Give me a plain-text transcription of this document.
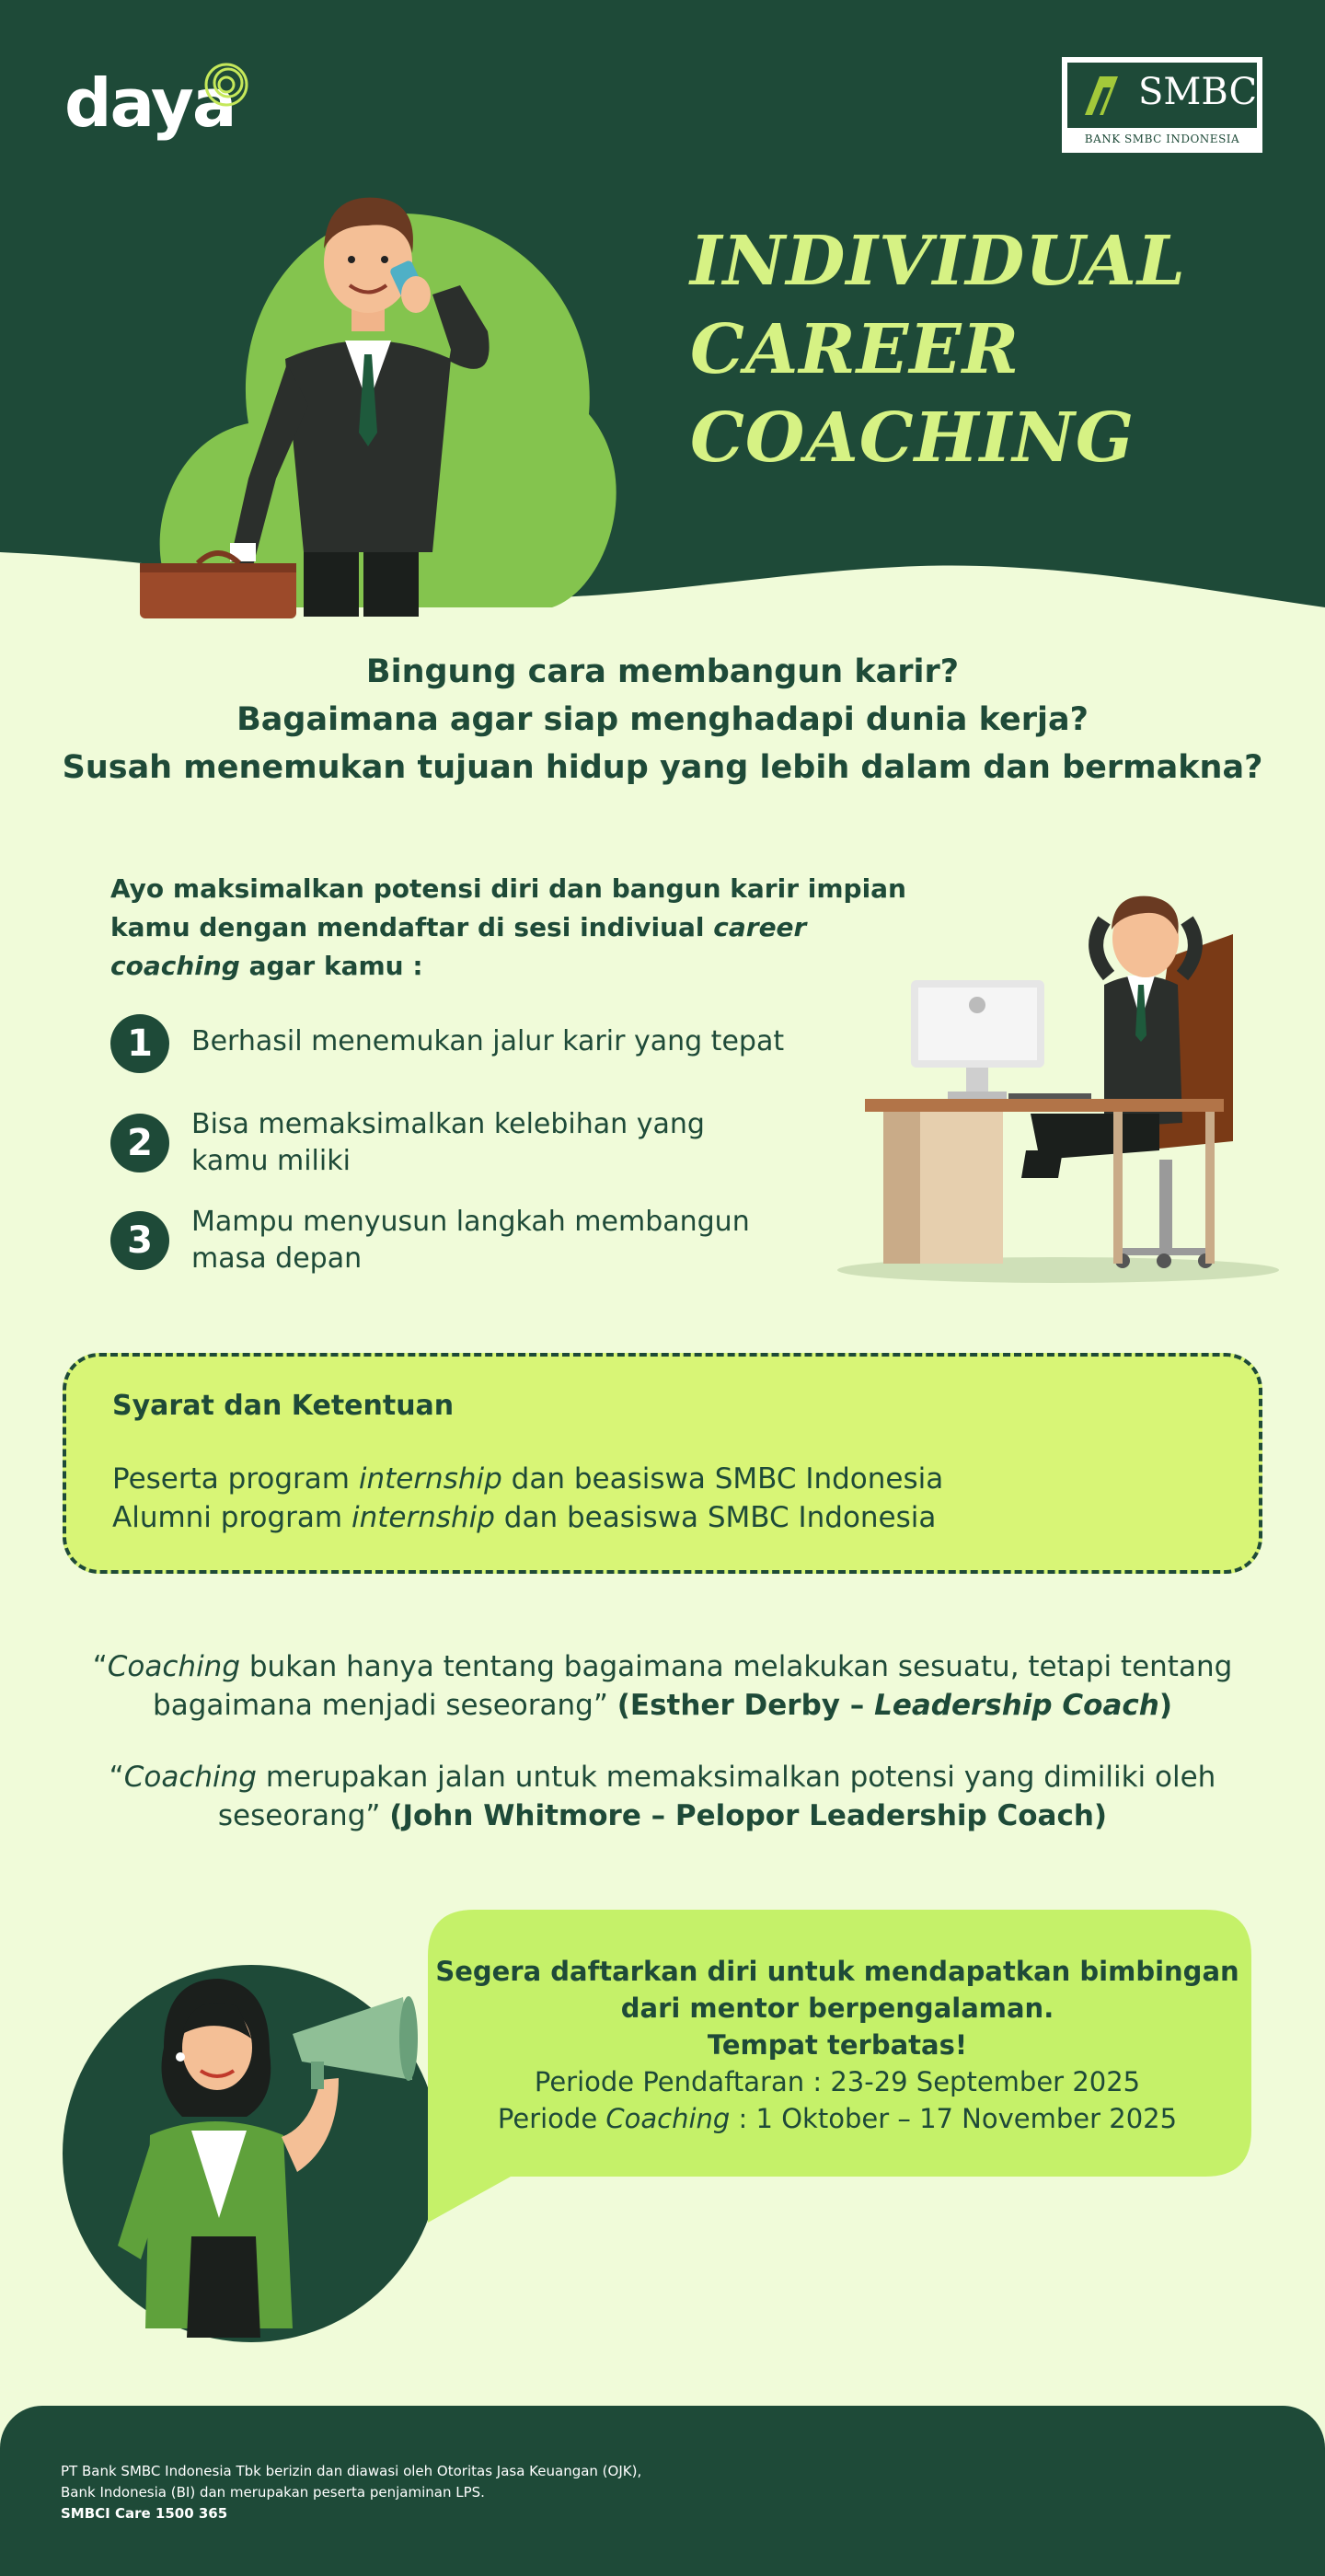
daya	SMBC
BANK SMBC INDONESIA
INDIVIDUAL
CAREER
COACHING
Bingung cara membangun karir?
Bagaimana agar siap menghadapi dunia kerja?
Susah menemukan tujuan hidup yang lebih dalam dan bermakna?
Ayo maksimalkan potensi diri dan bangun karir impian kamu dengan mendaftar di sesi indiviual career coaching agar kamu :
1	Berhasil menemukan jalur karir yang tepat
2	Bisa memaksimalkan kelebihan yang kamu miliki
3	Mampu menyusun langkah membangun masa depan
Syarat dan Ketentuan
Peserta program internship dan beasiswa SMBC Indonesia
Alumni program internship dan beasiswa SMBC Indonesia
“Coaching bukan hanya tentang bagaimana melakukan sesuatu, tetapi tentang bagaimana menjadi seseorang” (Esther Derby – Leadership Coach)
“Coaching merupakan jalan untuk memaksimalkan potensi yang dimiliki oleh seseorang” (John Whitmore – Pelopor Leadership Coach)
Segera daftarkan diri untuk mendapatkan bimbingan
dari mentor berpengalaman.
Tempat terbatas!
Periode Pendaftaran : 23-29 September 2025
Periode Coaching : 1 Oktober – 17 November 2025
PT Bank SMBC Indonesia Tbk berizin dan diawasi oleh Otoritas Jasa Keuangan (OJK),
Bank Indonesia (BI) dan merupakan peserta penjaminan LPS.
SMBCI Care 1500 365
